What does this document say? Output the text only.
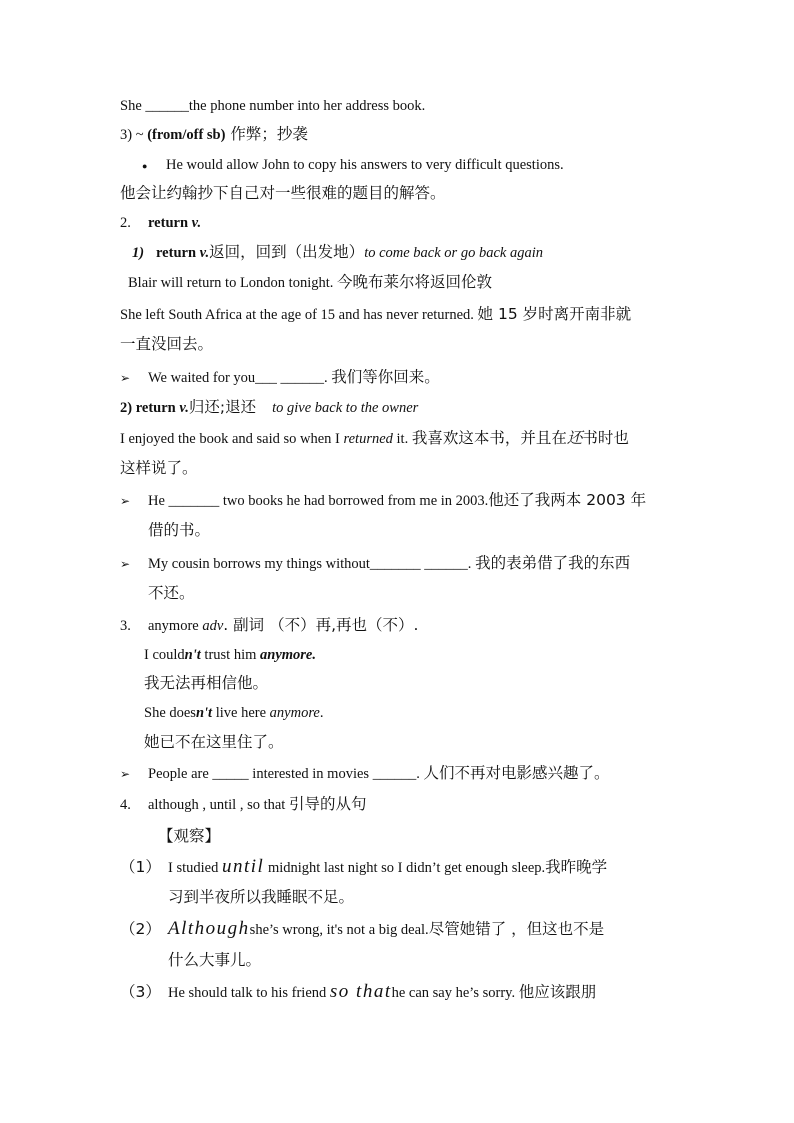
She ______the phone number into her address book.
3) ~ (from/off sb) 作弊；抄袭
● He would allow John to copy his answers to very difficult questions.
他会让约翰抄下自己对一些很难的题目的解答。
2. return v.
1) return v.返回，回到（出发地）to come back or go back again
Blair will return to London tonight. 今晚布莱尔将返回伦敦
She left South Africa at the age of 15 and has never returned. 她 15 岁时离开南非就
一直没回去。
➢ We waited for you___ ______. 我们等你回来。
2) return v.归还;退还 to give back to the owner
I enjoyed the book and said so when I returned it. 我喜欢这本书，并且在还书时也
这样说了。
➢ He _______ two books he had borrowed from me in 2003.他还了我两本 2003 年
借的书。
➢ My cousin borrows my things without_______ ______. 我的表弟借了我的东西
不还。
3. anymore adv. 副词 （不）再,再也（不）.
I couldn't trust him anymore.
我无法再相信他。
She doesn't live here anymore.
她已不在这里住了。
➢ People are _____ interested in movies ______. 人们不再对电影感兴趣了。
4. although , until , so that 引导的从句
【观察】
（1） I studied until midnight last night so I didn’t get enough sleep.我昨晚学
习到半夜所以我睡眠不足。
（2） Althoughshe’s wrong, it's not a big deal.尽管她错了 ，但这也不是
什么大事儿。
（3） He should talk to his friend so thathe can say he’s sorry. 他应该跟朋
